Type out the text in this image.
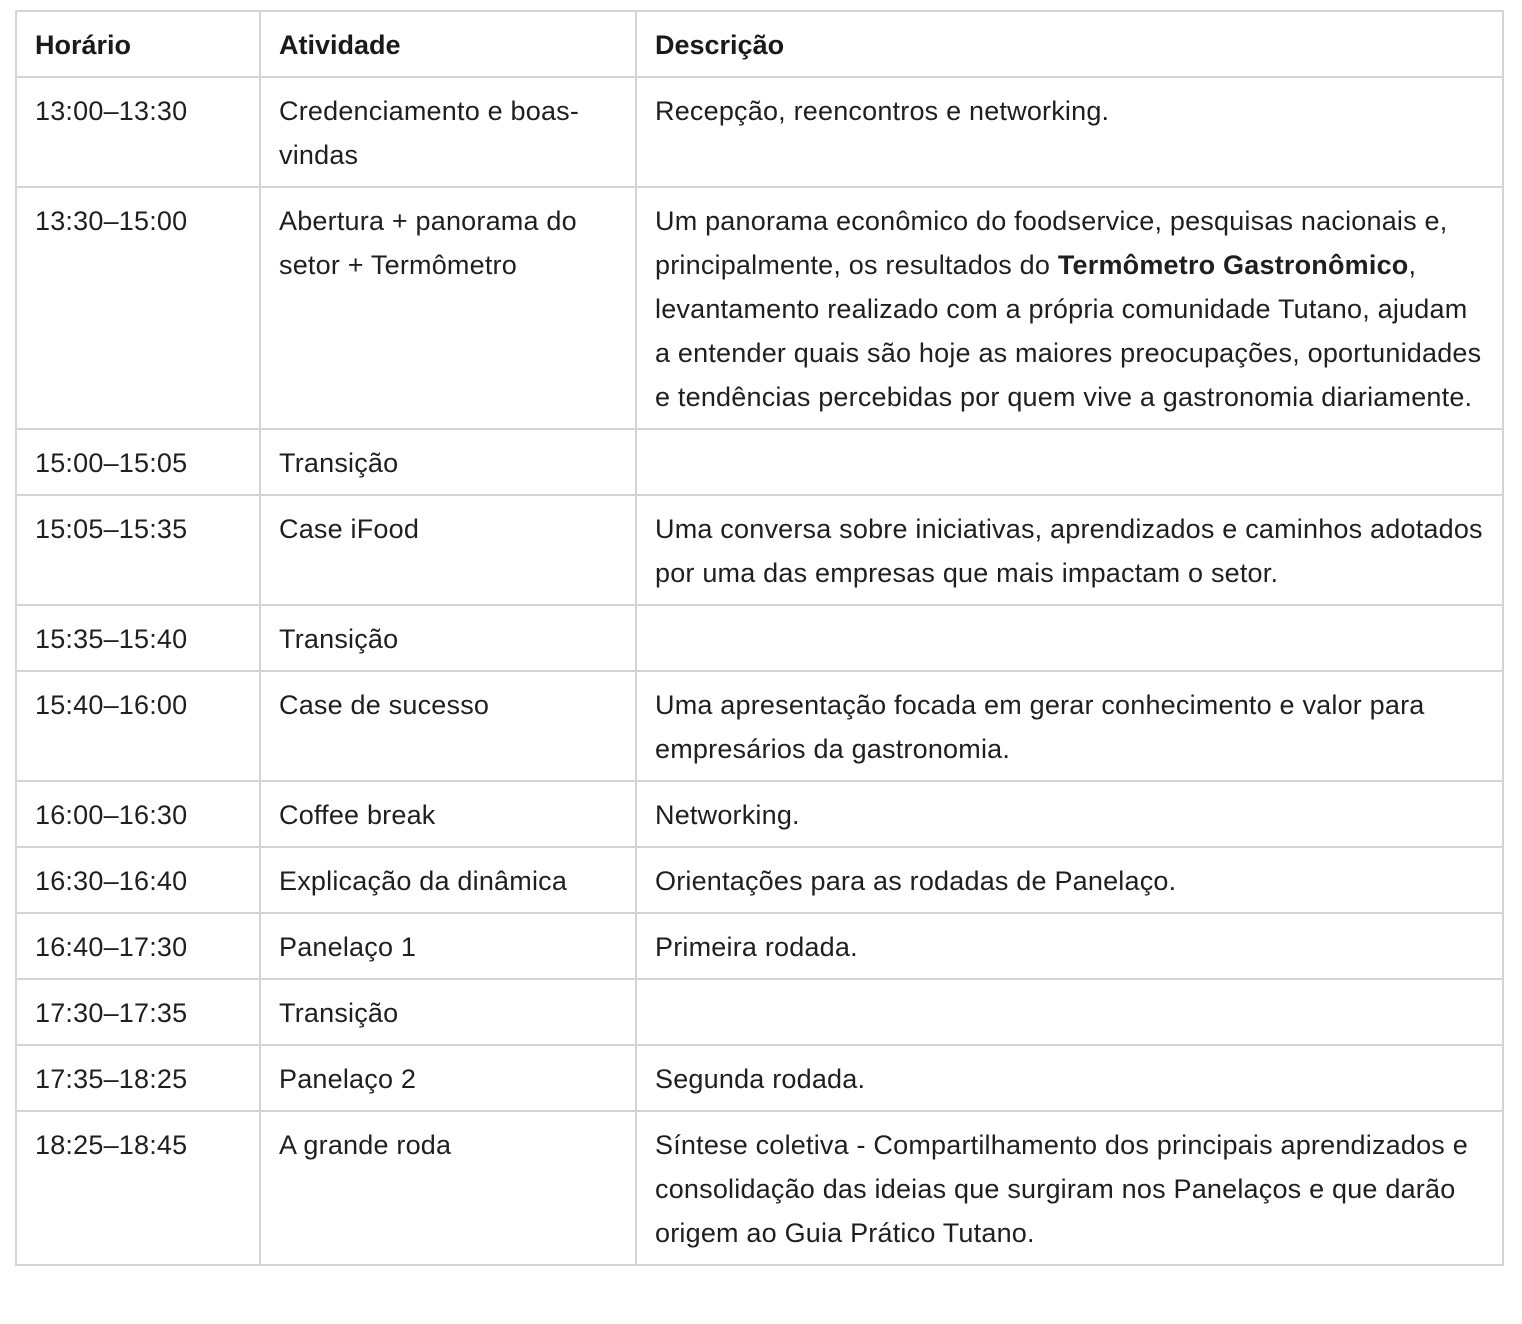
Horário	Atividade	Descrição
13:00–13:30	Credenciamento e boas-vindas	Recepção, reencontros e networking.
13:30–15:00	Abertura + panorama do setor + Termômetro	Um panorama econômico do foodservice, pesquisas nacionais e, principalmente, os resultados do Termômetro Gastronômico, levantamento realizado com a própria comunidade Tutano, ajudam a entender quais são hoje as maiores preocupações, oportunidades e tendências percebidas por quem vive a gastronomia diariamente.
15:00–15:05	Transição	
15:05–15:35	Case iFood	Uma conversa sobre iniciativas, aprendizados e caminhos adotados por uma das empresas que mais impactam o setor.
15:35–15:40	Transição	
15:40–16:00	Case de sucesso	Uma apresentação focada em gerar conhecimento e valor para empresários da gastronomia.
16:00–16:30	Coffee break	Networking.
16:30–16:40	Explicação da dinâmica	Orientações para as rodadas de Panelaço.
16:40–17:30	Panelaço 1	Primeira rodada.
17:30–17:35	Transição	
17:35–18:25	Panelaço 2	Segunda rodada.
18:25–18:45	A grande roda	Síntese coletiva - Compartilhamento dos principais aprendizados e consolidação das ideias que surgiram nos Panelaços e que darão origem ao Guia Prático Tutano.
